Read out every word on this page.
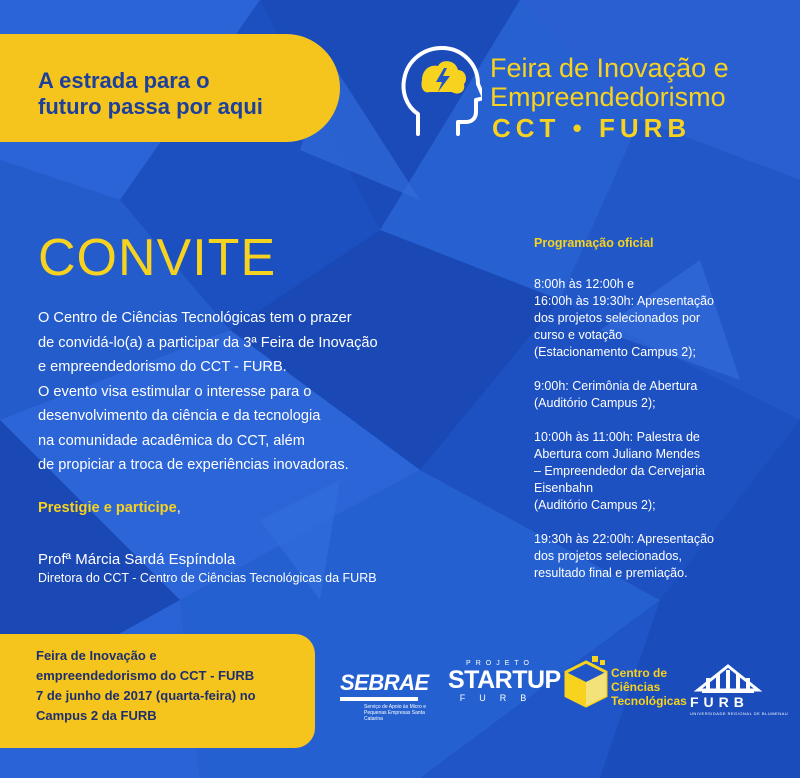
A estrada para o
futuro passa por aqui
Feira de Inovação e
Empreendedorismo
CCT • FURB
CONVITE

O Centro de Ciências Tecnológicas tem o prazer

de convidá-lo(a) a participar da 3ª Feira de Inovação

e empreendedorismo do CCT - FURB.

O evento visa estimular o interesse para o

desenvolvimento da ciência e da tecnologia

na comunidade acadêmica do CCT, além

de propiciar a troca de experiências inovadoras.

Prestigie e participe,
Profª Márcia Sardá Espíndola
Diretora do CCT - Centro de Ciências Tecnológicas da FURB
Programação oficial
8:00h às 12:00h e
16:00h às 19:30h: Apresentação
dos projetos selecionados por
curso e votação
(Estacionamento Campus 2);
9:00h: Cerimônia de Abertura
(Auditório Campus 2);
10:00h às 11:00h: Palestra de
Abertura com Juliano Mendes
– Empreendedor da Cervejaria
Eisenbahn
(Auditório Campus 2);
19:30h às 22:00h: Apresentação
dos projetos selecionados,
resultado final e premiação.
Feira de Inovação e
empreendedorismo do CCT - FURB
7 de junho de 2017 (quarta-feira) no
Campus 2 da FURB
SEBRAE
Serviço de Apoio às Micro e Pequenas Empresas Santa Catarina
PROJETO
STARTUP
FURB
Centro de
Ciências
Tecnológicas FURB
UNIVERSIDADE REGIONAL DE BLUMENAU
